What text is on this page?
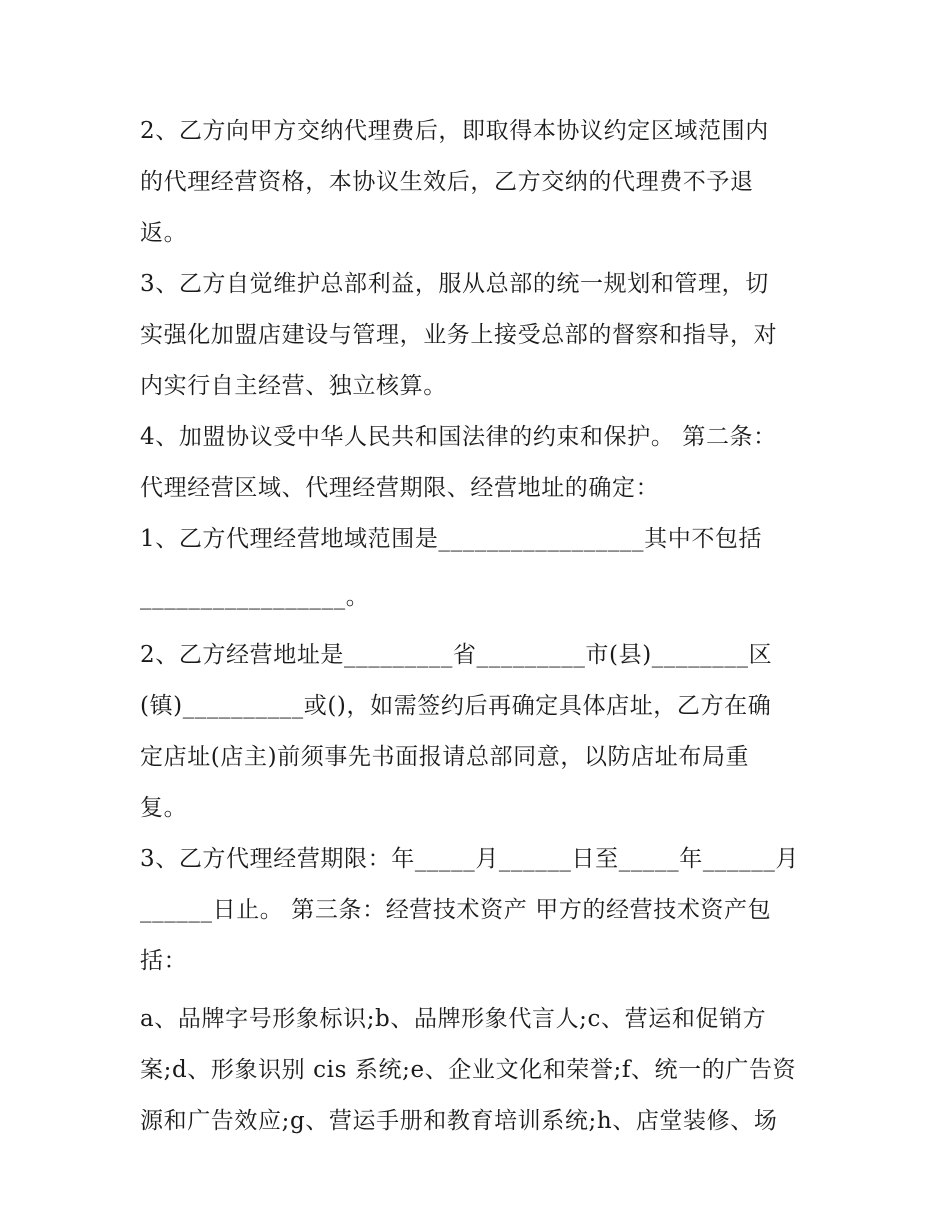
2、乙方向甲方交纳代理费后，即取得本协议约定区域范围内
的代理经营资格，本协议生效后，乙方交纳的代理费不予退
返。
3、乙方自觉维护总部利益，服从总部的统一规划和管理，切
实强化加盟店建设与管理，业务上接受总部的督察和指导，对
内实行自主经营、独立核算。
4、加盟协议受中华人民共和国法律的约束和保护。 第二条：
代理经营区域、代理经营期限、经营地址的确定：
1、乙方代理经营地域范围是_________________其中不包括
_________________。
2、乙方经营地址是_________省_________市(县)________区
(镇)__________或()，如需签约后再确定具体店址，乙方在确
定店址(店主)前须事先书面报请总部同意，以防店址布局重
复。
3、乙方代理经营期限：年_____月______日至_____年______月
______日止。 第三条：经营技术资产 甲方的经营技术资产包
括：
a、品牌字号形象标识;b、品牌形象代言人;c、营运和促销方
案;d、形象识别 cis 系统;e、企业文化和荣誉;f、统一的广告资
源和广告效应;g、营运手册和教育培训系统;h、店堂装修、场
